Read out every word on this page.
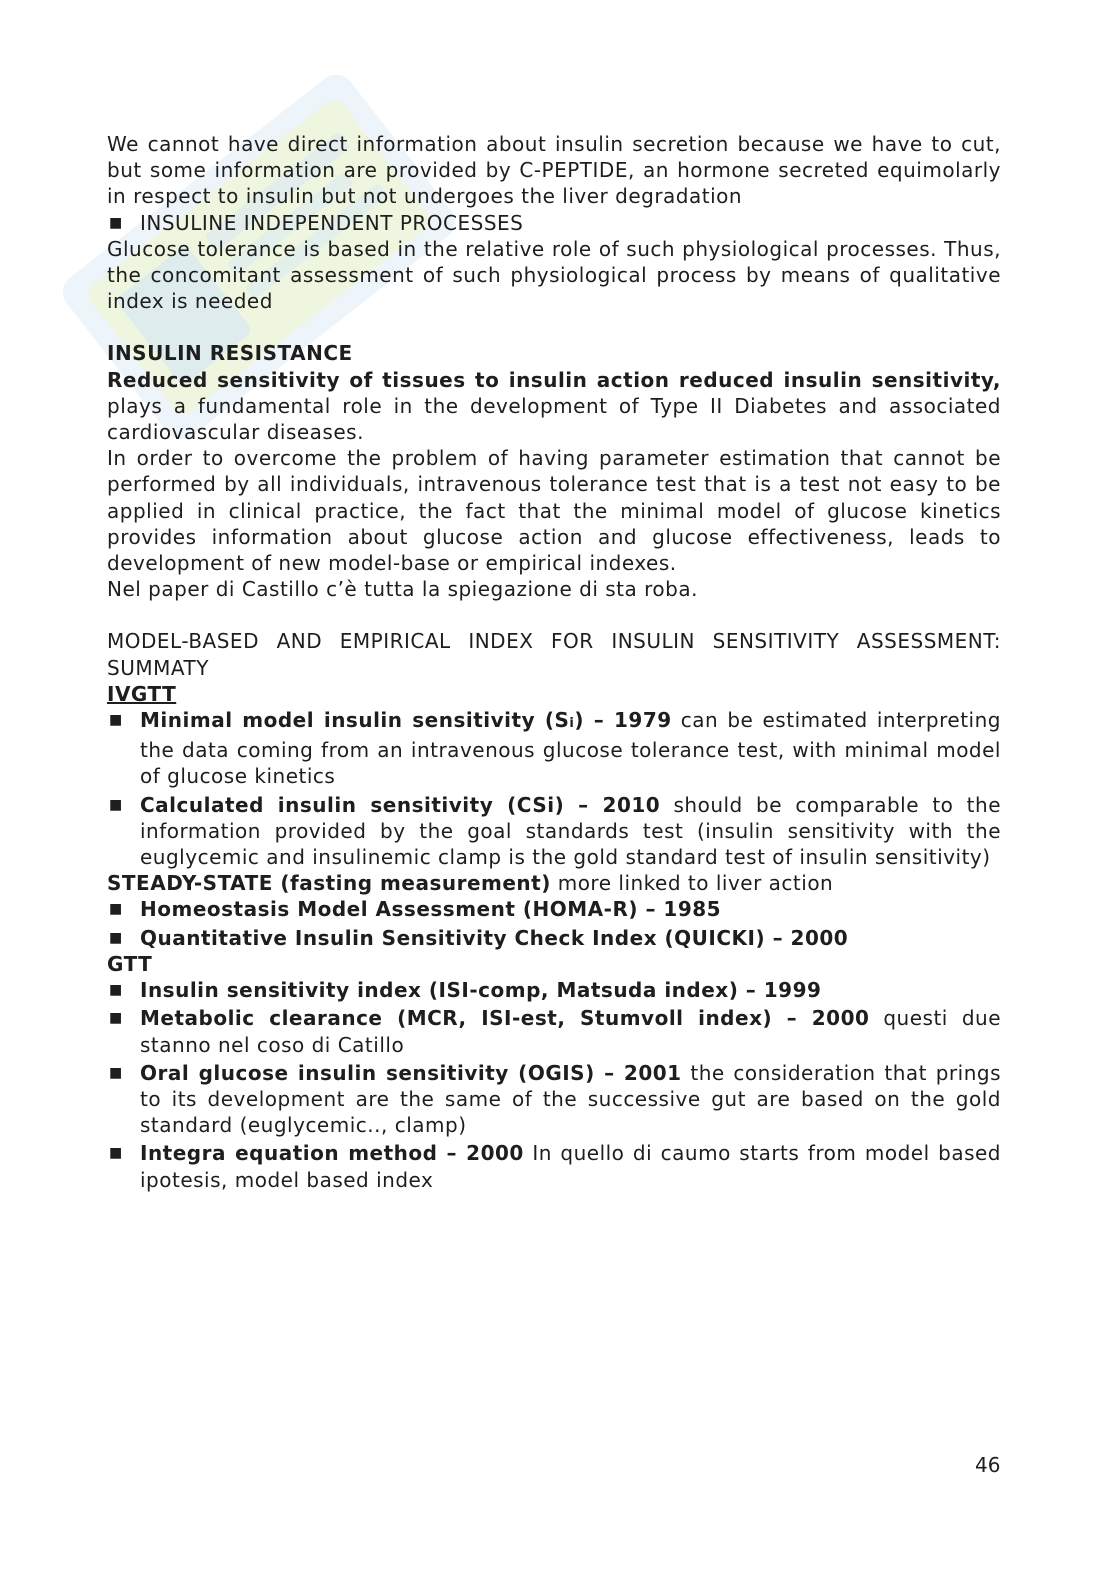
We cannot have direct information about insulin secretion because we have to cut, but some information are provided by C-PEPTIDE, an hormone secreted equimolarly in respect to insulin but not undergoes the liver degradation

■ INSULINE INDEPENDENT PROCESSES

Glucose tolerance is based in the relative role of such physiological processes. Thus, the concomitant assessment of such physiological process by means of qualitative index is needed

INSULIN RESISTANCE

Reduced sensitivity of tissues to insulin action reduced insulin sensitivity, plays a fundamental role in the development of Type II Diabetes and associated cardiovascular diseases.

In order to overcome the problem of having parameter estimation that cannot be performed by all individuals, intravenous tolerance test that is a test not easy to be applied in clinical practice, the fact that the minimal model of glucose kinetics provides information about glucose action and glucose effectiveness, leads to development of new model-base or empirical indexes.

Nel paper di Castillo c’è tutta la spiegazione di sta roba.

MODEL-BASED AND EMPIRICAL INDEX FOR INSULIN SENSITIVITY ASSESSMENT: SUMMATY

IVGTT

■ Minimal model insulin sensitivity (Si) – 1979 can be estimated interpreting the data coming from an intravenous glucose tolerance test, with minimal model of glucose kinetics
■ Calculated insulin sensitivity (CSi) – 2010 should be comparable to the information provided by the goal standards test (insulin sensitivity with the euglycemic and insulinemic clamp is the gold standard test of insulin sensitivity)

STEADY-STATE (fasting measurement) more linked to liver action

■ Homeostasis Model Assessment (HOMA-R) – 1985
■ Quantitative Insulin Sensitivity Check Index (QUICKI) – 2000

GTT

■ Insulin sensitivity index (ISI-comp, Matsuda index) – 1999
■ Metabolic clearance (MCR, ISI-est, Stumvoll index) – 2000 questi due stanno nel coso di Catillo
■ Oral glucose insulin sensitivity (OGIS) – 2001 the consideration that prings to its development are the same of the successive gut are based on the gold standard (euglycemic.., clamp)
■ Integra equation method – 2000 In quello di caumo starts from model based ipotesis, model based index
46
